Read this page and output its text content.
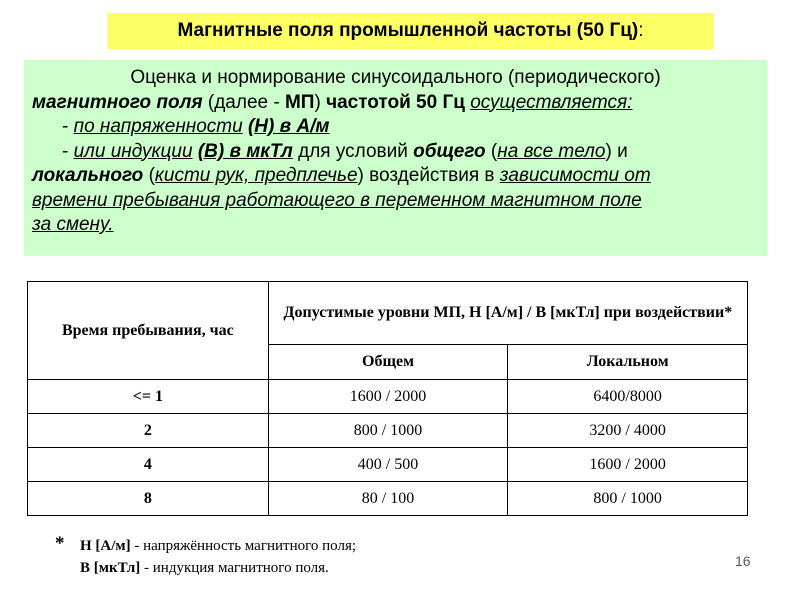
Магнитные поля промышленной частоты (50 Гц) :

Оценка и нормирование синусоидального (периодического)

магнитного поля (далее - МП) частотой 50 Гц осуществляется:

- по напряженности (Н) в А/м

- или индукции (В) в мкТл для условий общего (на все тело) и

локального (кисти рук, предплечье) воздействия в зависимости от

времени пребывания работающего в переменном магнитном поле

за смену.

Время пребывания, час	Допустимые уровни МП, Н [А/м] / В [мкТл] при воздействии*	
	Общем	Локальном
<= 1	1600 / 2000	6400/8000
2	800 / 1000	3200 / 4000
4	400 / 500	1600 / 2000
8	80 / 100	800 / 1000
* Н [А/м] - напряжённость магнитного поля;
В [мкТл] - индукция магнитного поля.	16
